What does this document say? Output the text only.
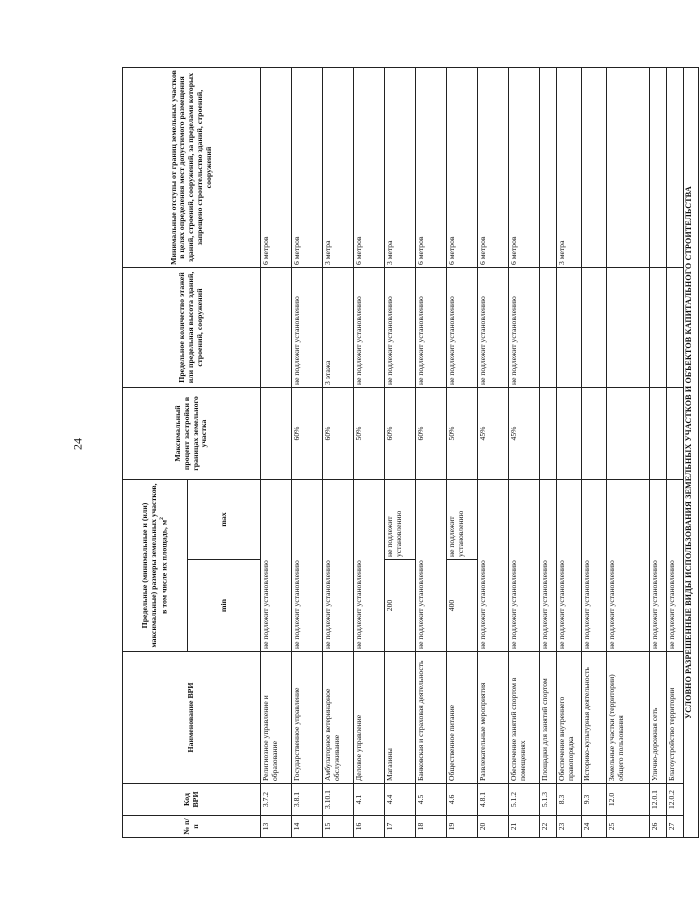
24
№ п/п	Код ВРИ	Наименование ВРИ	Предельные (минимальные и (или) максимальные) размеры земельных участков, в том числе их площадь, $м^2$		Максимальный процент застройки в границах земельного участка	Предельное количество этажей или предельная высота зданий, строений, сооружений	Минимальные отступы от границ земельных участков в целях определения мест допустимого размещения зданий, строений, сооружений, за пределами которых запрещено строительство зданий, строений, сооружений
			min	max			
13	3.7.2	Религиозное управление и образование	не подлежит установлению				6 метров
14	3.8.1	Государственное управление	не подлежит установлению		60%	не подлежит установлению	6 метров
15	3.10.1	Амбулаторное ветеринарное обслуживание	не подлежит установлению		60%	3 этажа	3 метра
16	4.1	Деловое управление	не подлежит установлению		50%	не подлежит установлению	6 метров
17	4.4	Магазины	200	не подлежит установлению	60%	не подлежит установлению	3 метра
18	4.5	Банковская и страховая деятельность	не подлежит установлению		60%	не подлежит установлению	6 метров
19	4.6	Общественное питание	400	не подлежит установлению	50%	не подлежит установлению	6 метров
20	4.8.1	Развлекательные мероприятия	не подлежит установлению		45%	не подлежит установлению	6 метров
21	5.1.2	Обеспечение занятий спортом в помещениях	не подлежит установлению		45%	не подлежит установлению	6 метров
22	5.1.3	Площадки для занятий спортом	не подлежит установлению				
23	8.3	Обеспечение внутреннего правопорядка	не подлежит установлению				3 метра
24	9.3	Историко-культурная деятельность	не подлежит установлению				
25	12.0	Земельные участки (территории) общего пользования	не подлежит установлению				
26	12.0.1	Улично-дорожная сеть	не подлежит установлению				
27	12.0.2	Благоустройство территории	не подлежит установлению				
УСЛОВНО РАЗРЕШЕННЫЕ ВИДЫ ИСПОЛЬЗОВАНИЯ ЗЕМЕЛЬНЫХ УЧАСТКОВ И ОБЪЕКТОВ КАПИТАЛЬНОГО СТРОИТЕЛЬСТВА							
